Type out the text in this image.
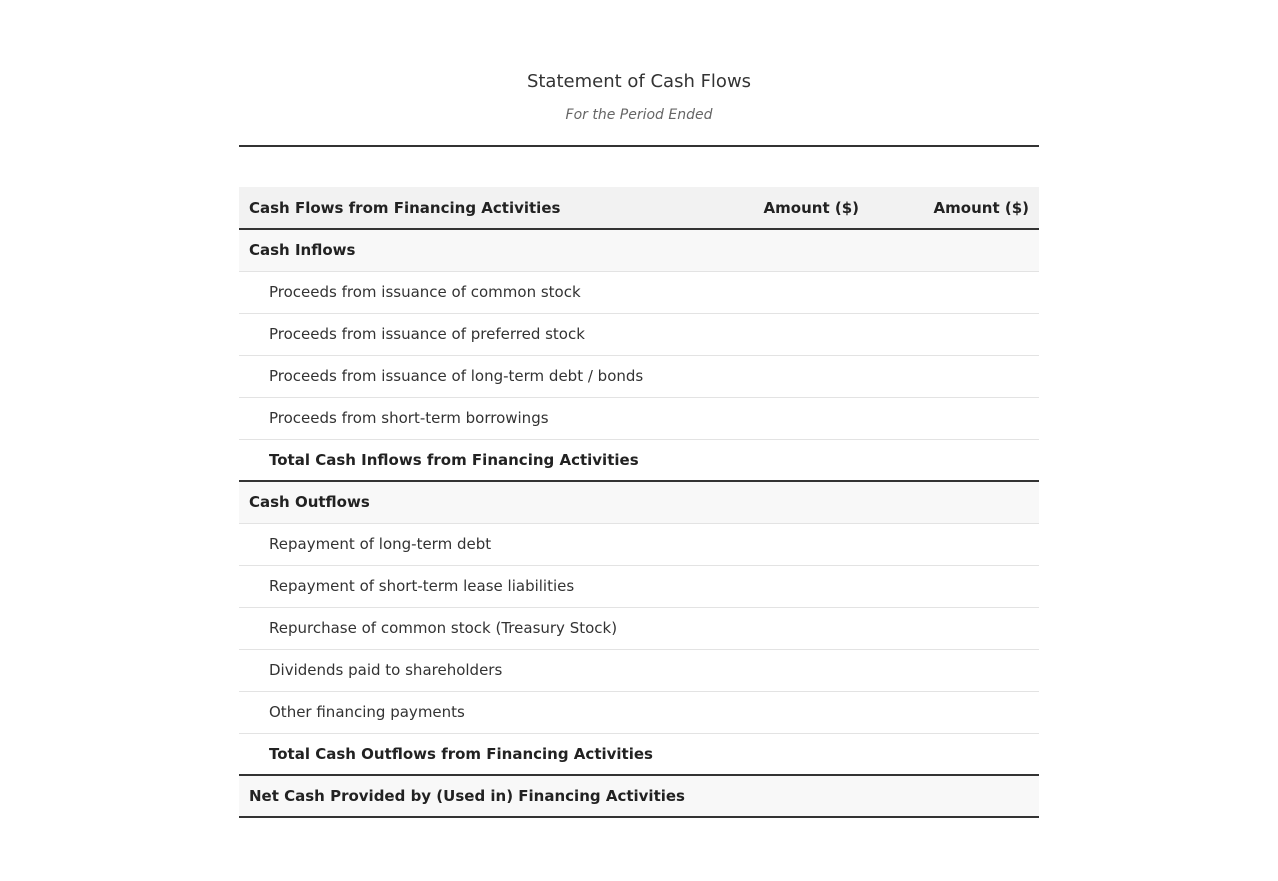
Statement of Cash Flows
For the Period Ended
Cash Flows from Financing Activities	Amount ($)	Amount ($)
Cash Inflows		
Proceeds from issuance of common stock		
Proceeds from issuance of preferred stock		
Proceeds from issuance of long-term debt / bonds		
Proceeds from short-term borrowings		
Total Cash Inflows from Financing Activities		
Cash Outflows		
Repayment of long-term debt		
Repayment of short-term lease liabilities		
Repurchase of common stock (Treasury Stock)		
Dividends paid to shareholders		
Other financing payments		
Total Cash Outflows from Financing Activities		
Net Cash Provided by (Used in) Financing Activities		
